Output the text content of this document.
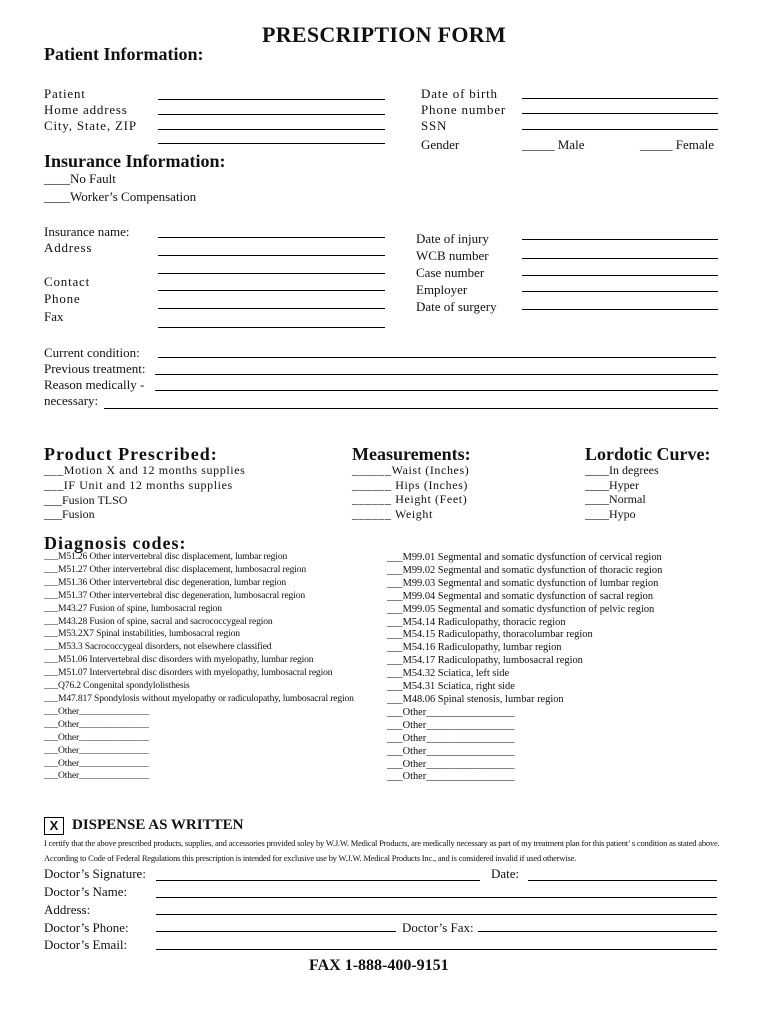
PRESCRIPTION FORM
Patient Information:
Patient
Home address
City, State, ZIP
Date of birth
Phone number
SSN
Gender	_____ Male	_____ Female
Insurance Information:
____No Fault
____Worker’s Compensation
Insurance name:
Address
Contact
Phone
Fax
Date of injury
WCB number
Case number
Employer
Date of surgery
Current condition:
Previous treatment:
Reason medically -
necessary:
Product Prescribed:
___Motion X and 12 months supplies
___IF Unit and 12 months supplies
___Fusion TLSO
___Fusion
Measurements:
______Waist (Inches)
______ Hips (Inches)
______ Height (Feet)
______ Weight
Lordotic Curve:
____In degrees
____Hyper
____Normal
____Hypo
Diagnosis codes:
___M51.26 Other intervertebral disc displacement, lumbar region
___M51.27 Other intervertebral disc displacement, lumbosacral region
___M51.36 Other intervertebral disc degeneration, lumbar region
___M51.37 Other intervertebral disc degeneration, lumbosacral region
___M43.27 Fusion of spine, lumbosacral region
___M43.28 Fusion of spine, sacral and sacrococcygeal region
___M53.2X7 Spinal instabilities, lumbosacral region
___M53.3 Sacrococcygeal disorders, not elsewhere classified
___M51.06 Intervertebral disc disorders with myelopathy, lumbar region
___M51.07 Intervertebral disc disorders with myelopathy, lumbosacral region
___Q76.2 Congenital spondylolisthesis
___M47.817 Spondylosis without myelopathy or radiculopathy, lumbosacral region
___Other_______________
___Other_______________
___Other_______________
___Other_______________
___Other_______________
___Other_______________
___M99.01 Segmental and somatic dysfunction of cervical region
___M99.02 Segmental and somatic dysfunction of thoracic region
___M99.03 Segmental and somatic dysfunction of lumbar region
___M99.04 Segmental and somatic dysfunction of sacral region
___M99.05 Segmental and somatic dysfunction of pelvic region
___M54.14 Radiculopathy, thoracic region
___M54.15 Radiculopathy, thoracolumbar region
___M54.16 Radiculopathy, lumbar region
___M54.17 Radiculopathy, lumbosacral region
___M54.32 Sciatica, left side
___M54.31 Sciatica, right side
___M48.06 Spinal stenosis, lumbar region
___Other_________________
___Other_________________
___Other_________________
___Other_________________
___Other_________________
___Other_________________
X DISPENSE AS WRITTEN
I certify that the above prescribed products, supplies, and accessories provided soley by W.J.W. Medical Products, are medically necessary as part of my treatment plan for this patient’ s condition as stated above.
According to Code of Federal Regulations this prescription is intended for exclusive use by W.J.W. Medical Products Inc., and is considered invalid if used otherwise.
Doctor’s Signature:	Date:
Doctor’s Name:
Address:
Doctor’s Phone:	Doctor’s Fax:
Doctor’s Email:
FAX 1-888-400-9151
